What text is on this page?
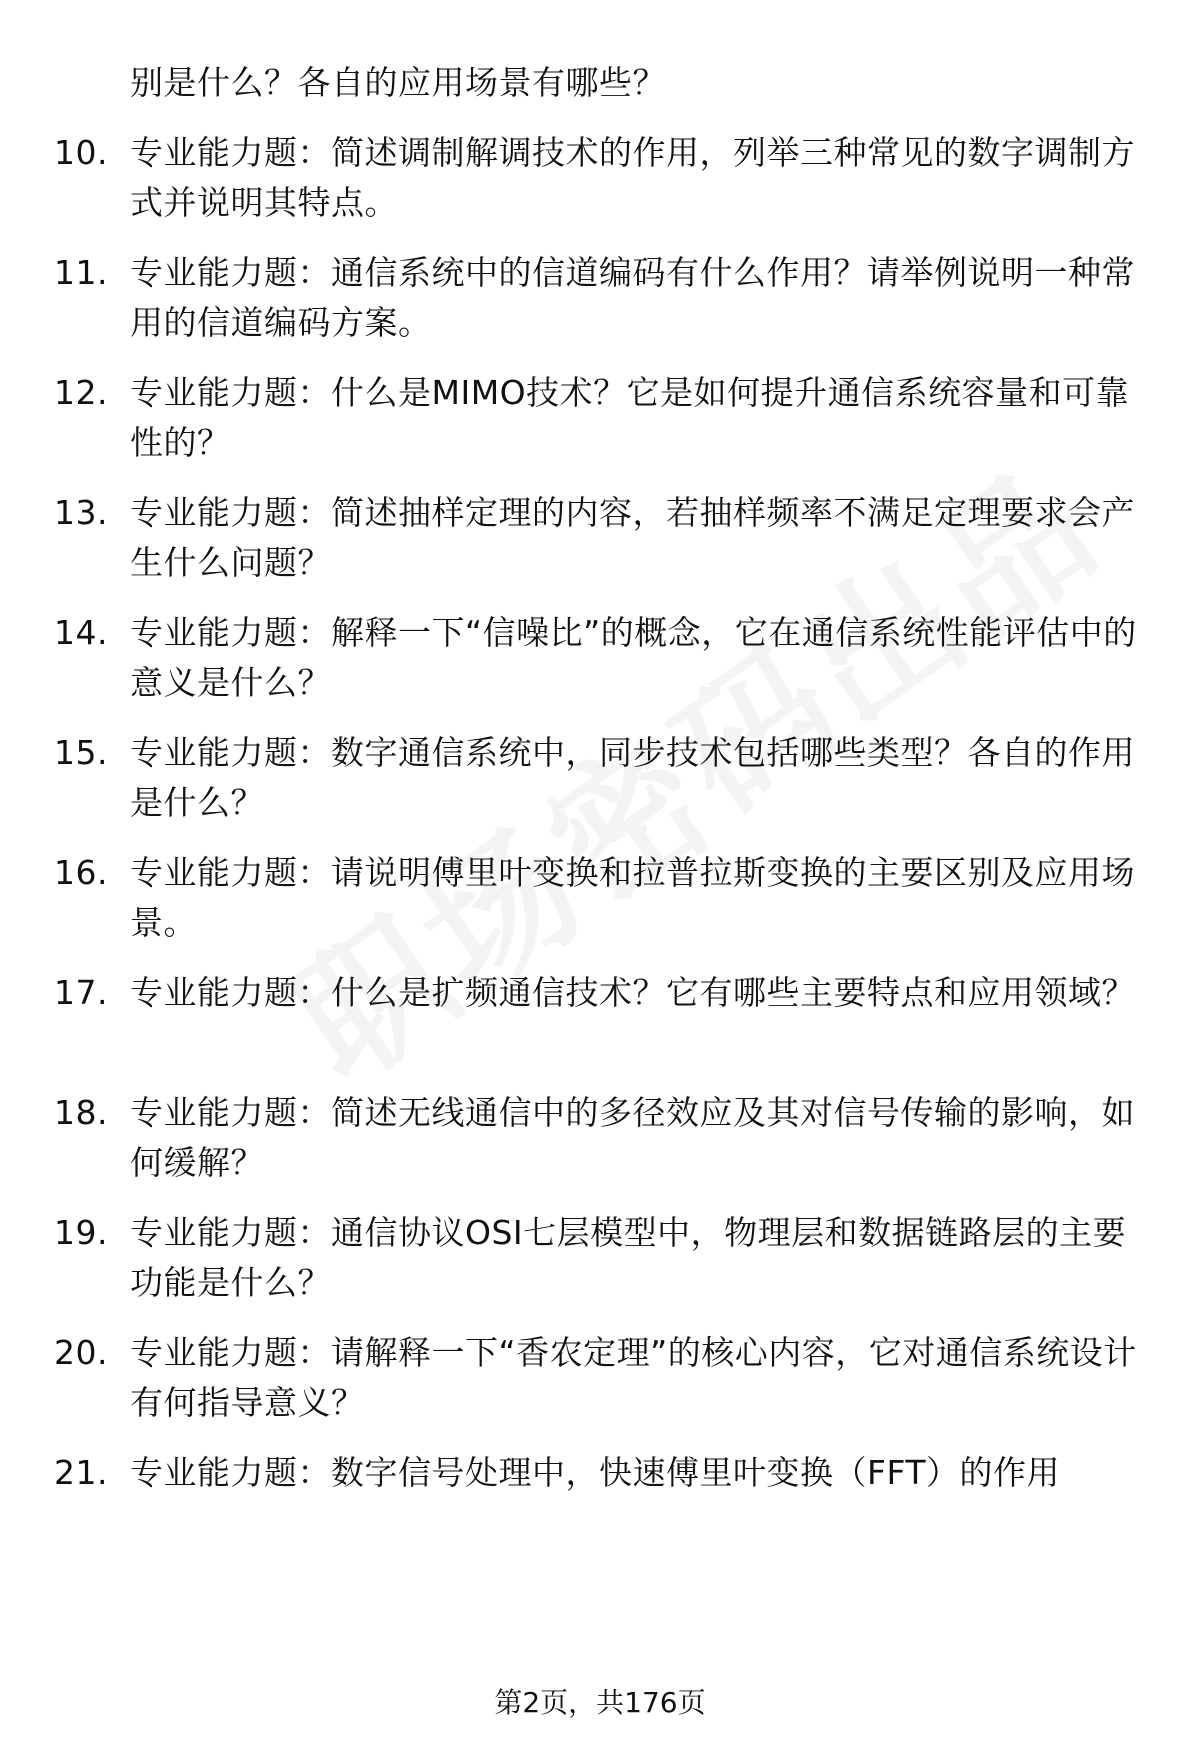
别是什么？各自的应用场景有哪些？
10. 专业能力题：简述调制解调技术的作用，列举三种常见的数字调制方式并说明其特点。
11. 专业能力题：通信系统中的信道编码有什么作用？请举例说明一种常用的信道编码方案。
12. 专业能力题：什么是MIMO技术？它是如何提升通信系统容量和可靠性的？
13. 专业能力题：简述抽样定理的内容，若抽样频率不满足定理要求会产生什么问题？
14. 专业能力题：解释一下“信噪比”的概念，它在通信系统性能评估中的意义是什么？
15. 专业能力题：数字通信系统中，同步技术包括哪些类型？各自的作用是什么？
16. 专业能力题：请说明傅里叶变换和拉普拉斯变换的主要区别及应用场景。
17. 专业能力题：什么是扩频通信技术？它有哪些主要特点和应用领域？
18. 专业能力题：简述无线通信中的多径效应及其对信号传输的影响，如何缓解？
19. 专业能力题：通信协议OSI七层模型中，物理层和数据链路层的主要功能是什么？
20. 专业能力题：请解释一下“香农定理”的核心内容，它对通信系统设计有何指导意义？
21. 专业能力题：数字信号处理中，快速傅里叶变换（FFT）的作用
第2页，共176页
